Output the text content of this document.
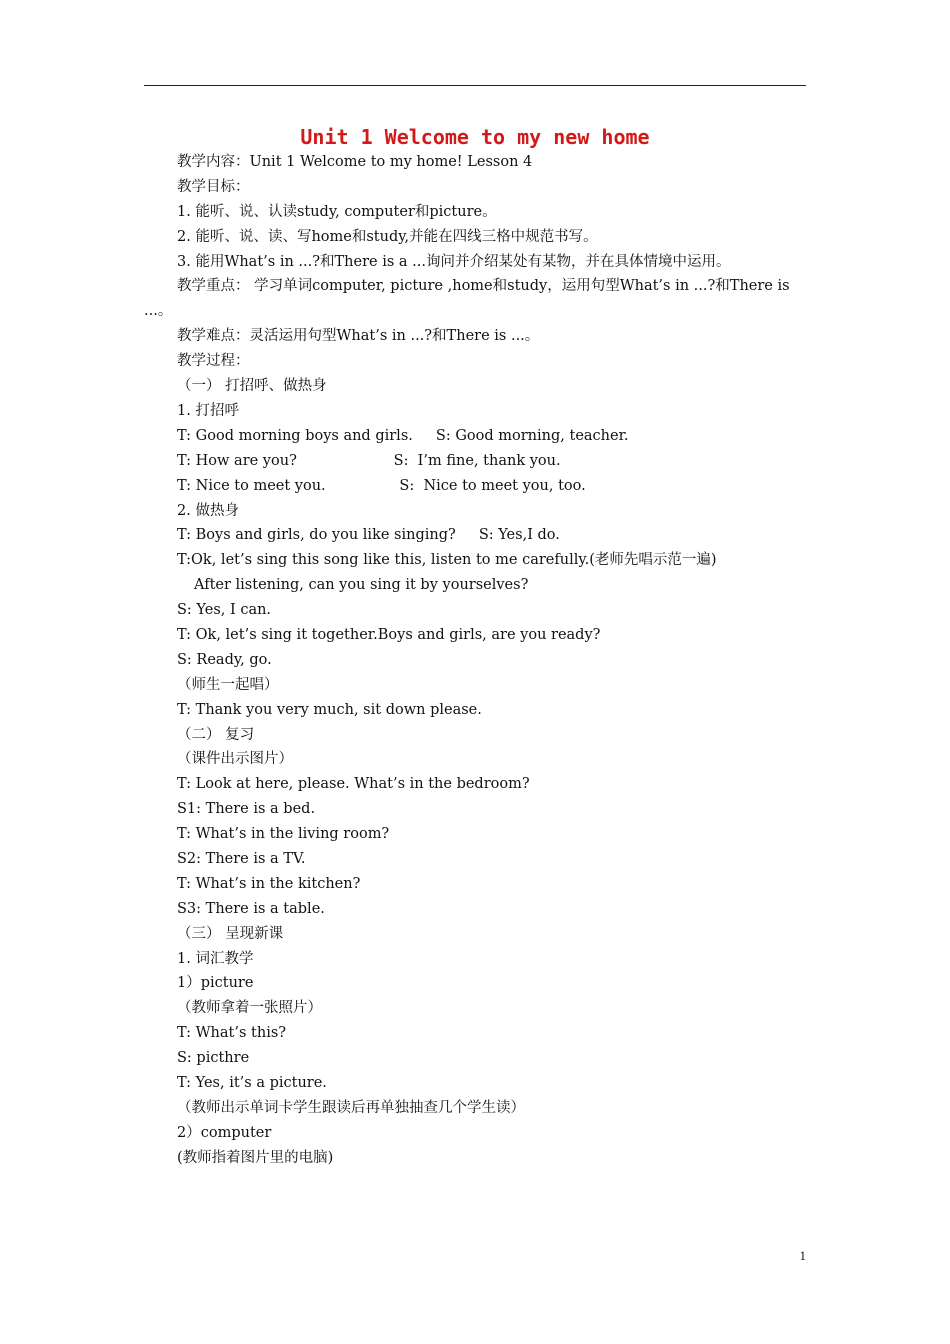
Unit 1 Welcome to my new home
教学内容：Unit 1 Welcome to my home! Lesson 4
教学目标：
1. 能听、说、认读study, computer和picture。
2. 能听、说、读、写home和study,并能在四线三格中规范书写。
3. 能用What’s in ...?和There is a ...询问并介绍某处有某物，并在具体情境中运用。
教学重点： 学习单词computer, picture ,home和study，运用句型What’s in ...?和There is ...。
教学难点：灵活运用句型What’s in ...?和There is ...。
教学过程：
（一） 打招呼、做热身
1. 打招呼
T: Good morning boys and girls.     S: Good morning, teacher.
T: How are you?                     S:  I’m fine, thank you.
T: Nice to meet you.                S:  Nice to meet you, too.
2. 做热身
T: Boys and girls, do you like singing?     S: Yes,I do.
T:Ok, let’s sing this song like this, listen to me carefully.(老师先唱示范一遍)
After listening, can you sing it by yourselves?
S: Yes, I can.
T: Ok, let’s sing it together.Boys and girls, are you ready?
S: Ready, go.
（师生一起唱）
T: Thank you very much, sit down please.
（二） 复习
（课件出示图片）
T: Look at here, please. What’s in the bedroom?
S1: There is a bed.
T: What’s in the living room?
S2: There is a TV.
T: What’s in the kitchen?
S3: There is a table.
（三） 呈现新课
1. 词汇教学
1）picture
（教师拿着一张照片）
T: What’s this?
S: picthre
T: Yes, it’s a picture.
（教师出示单词卡学生跟读后再单独抽查几个学生读）
2）computer
(教师指着图片里的电脑)
1
